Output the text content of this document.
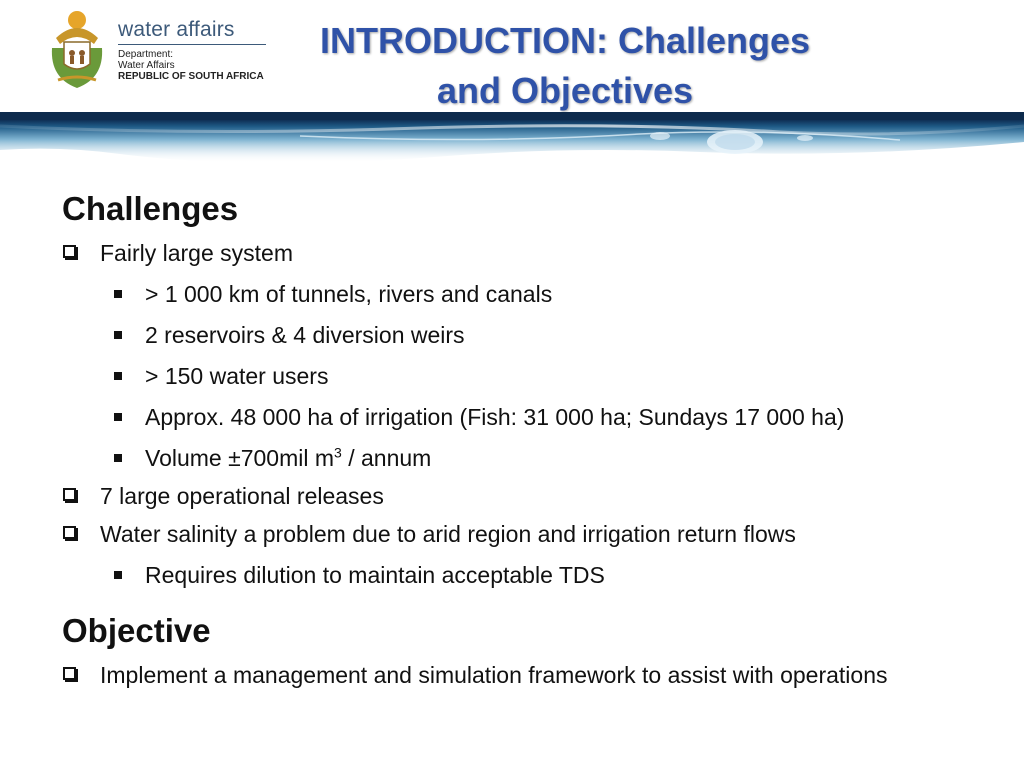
water affairs
Department:
Water Affairs
REPUBLIC OF SOUTH AFRICA
INTRODUCTION: Challenges
and Objectives
Challenges
Fairly large system
> 1 000 km of tunnels, rivers and canals
2 reservoirs & 4 diversion weirs
> 150 water users
Approx. 48 000 ha of irrigation (Fish: 31 000 ha; Sundays 17 000 ha)
Volume ±700mil $m^3$ / annum
7 large operational releases
Water salinity a problem due to arid region and irrigation return flows
Requires dilution to maintain acceptable TDS
Objective
Implement a management and simulation framework to assist with operations
